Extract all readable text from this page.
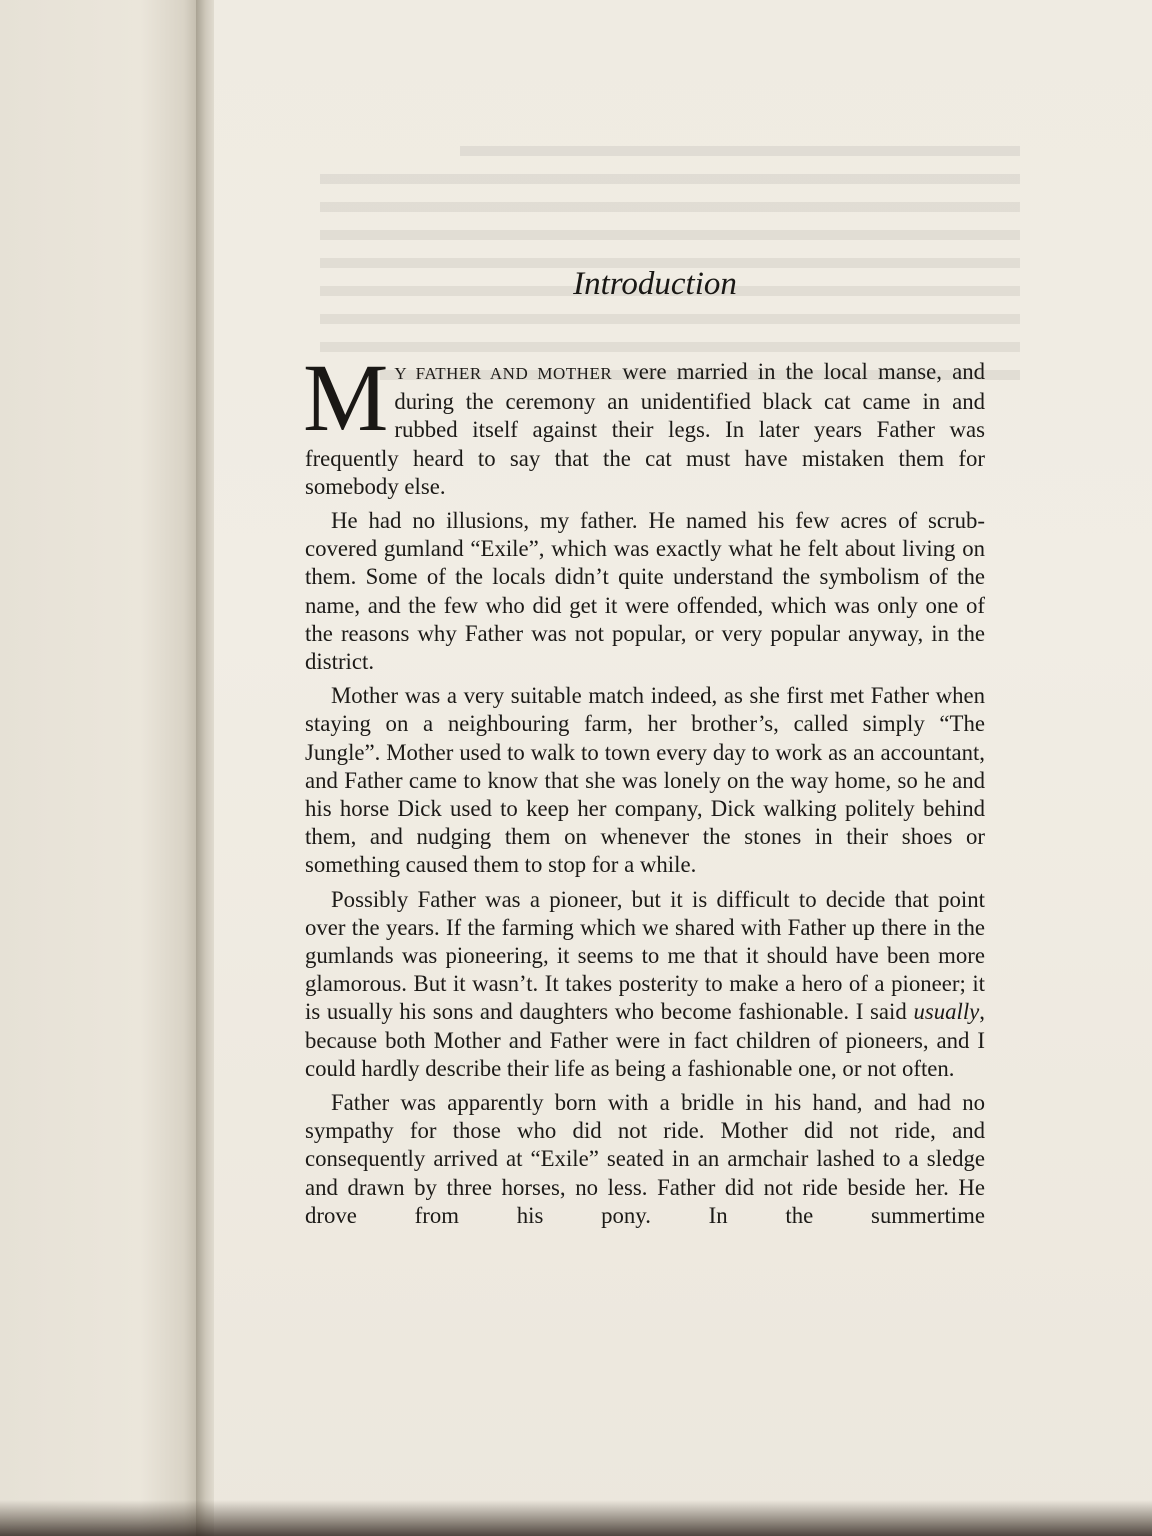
Introduction

M Y FATHER AND MOTHER were married in the local manse, and during the ceremony an unidentified black cat came in and rubbed itself against their legs. In later years Father was frequently heard to say that the cat must have mistaken them for somebody else.

He had no illusions, my father. He named his few acres of scrub-covered gumland “Exile”, which was exactly what he felt about living on them. Some of the locals didn’t quite understand the symbolism of the name, and the few who did get it were offended, which was only one of the reasons why Father was not popular, or very popular anyway, in the district.

Mother was a very suitable match indeed, as she first met Father when staying on a neighbouring farm, her brother’s, called simply “The Jungle”. Mother used to walk to town every day to work as an accountant, and Father came to know that she was lonely on the way home, so he and his horse Dick used to keep her company, Dick walking politely behind them, and nudging them on whenever the stones in their shoes or something caused them to stop for a while.

Possibly Father was a pioneer, but it is difficult to decide that point over the years. If the farming which we shared with Father up there in the gumlands was pioneering, it seems to me that it should have been more glamorous. But it wasn’t. It takes posterity to make a hero of a pioneer; it is usually his sons and daughters who become fashionable. I said usually, because both Mother and Father were in fact children of pioneers, and I could hardly describe their life as being a fashionable one, or not often.

Father was apparently born with a bridle in his hand, and had no sympathy for those who did not ride. Mother did not ride, and consequently arrived at “Exile” seated in an armchair lashed to a sledge and drawn by three horses, no less. Father did not ride beside her. He drove from his pony. In the summertime
